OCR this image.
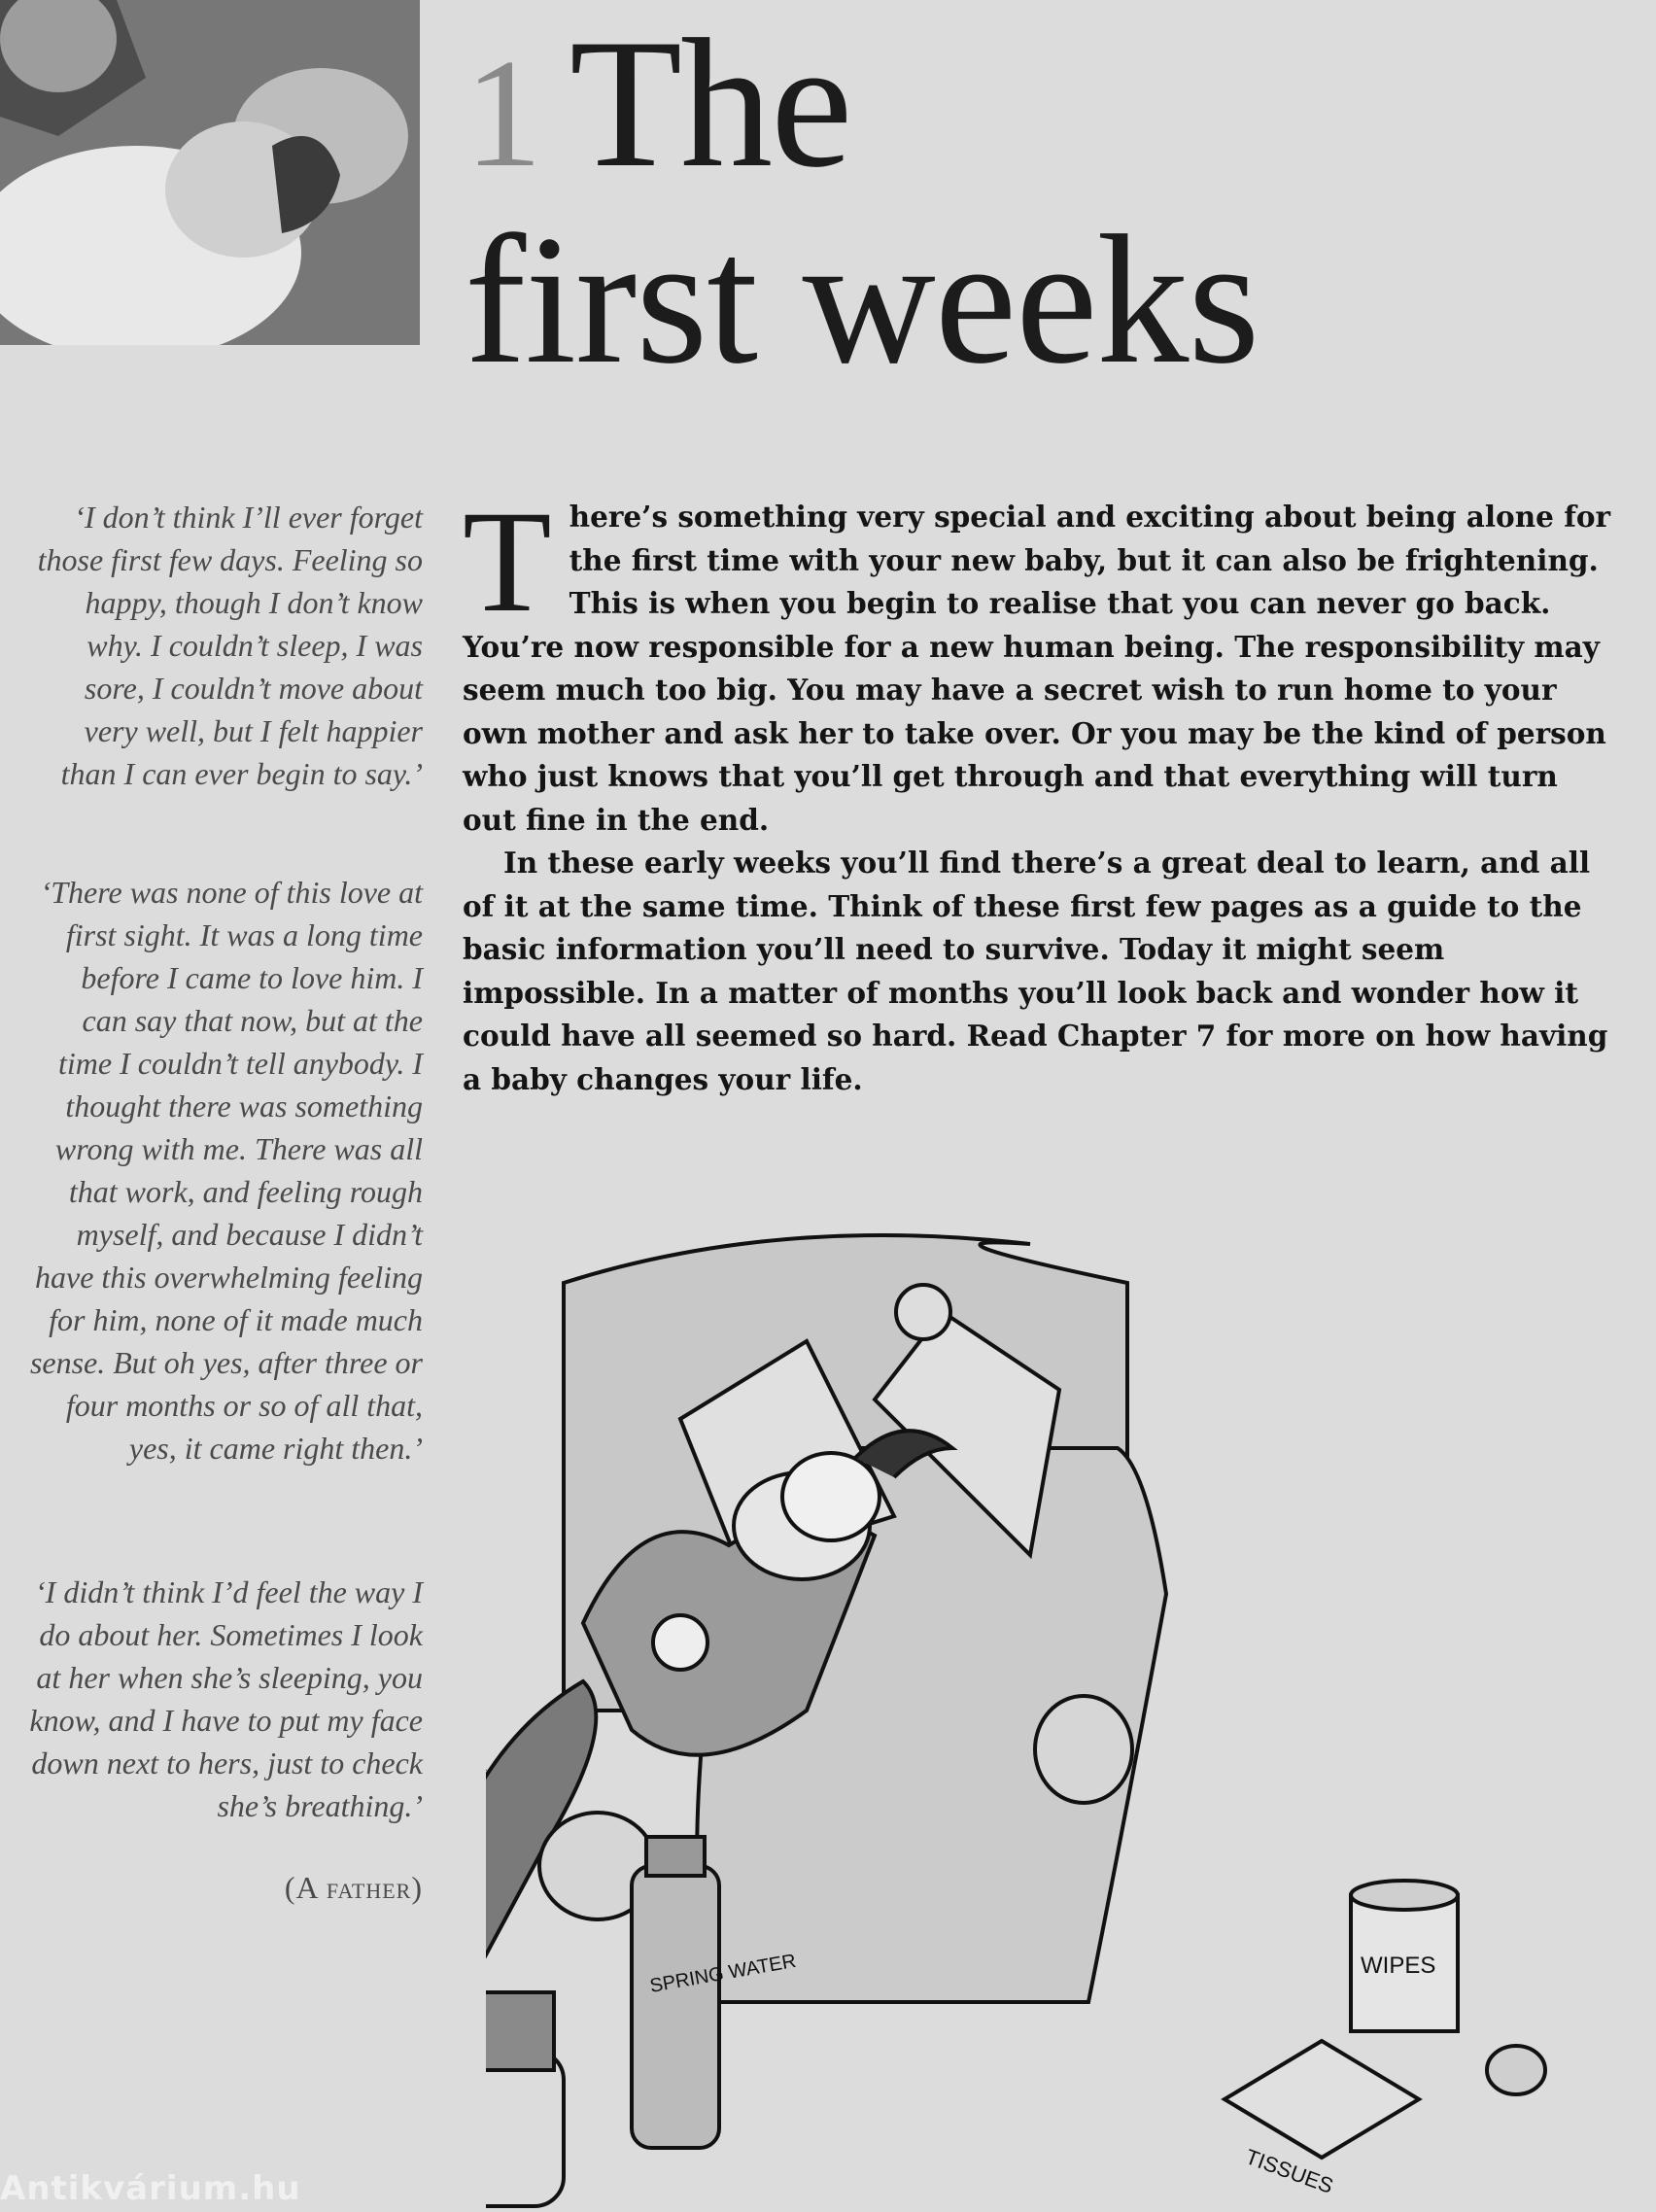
1 The
first weeks

‘I don’t think I’ll ever forget those first few days. Feeling so happy, though I don’t know why. I couldn’t sleep, I was sore, I couldn’t move about very well, but I felt happier than I can ever begin to say.’

‘There was none of this love at first sight. It was a long time before I came to love him. I can say that now, but at the time I couldn’t tell anybody. I thought there was something wrong with me. There was all that work, and feeling rough myself, and because I didn’t have this overwhelming feeling for him, none of it made much sense. But oh yes, after three or four months or so of all that, yes, it came right then.’

‘I didn’t think I’d feel the way I do about her. Sometimes I look at her when she’s sleeping, you know, and I have to put my face down next to hers, just to check she’s breathing.’

(A father)

There’s something very special and exciting about being alone for the first time with your new baby, but it can also be frightening. This is when you begin to realise that you can never go back. You’re now responsible for a new human being. The responsibility may seem much too big. You may have a secret wish to run home to your own mother and ask her to take over. Or you may be the kind of person who just knows that you’ll get through and that everything will turn out fine in the end.

In these early weeks you’ll find there’s a great deal to learn, and all of it at the same time. Think of these first few pages as a guide to the basic information you’ll need to survive. Today it might seem impossible. In a matter of months you’ll look back and wonder how it could have all seemed so hard. Read Chapter 7 for more on how having a baby changes your life.

SPRING WATER	WIPES
TISSUES
Antikvárium.hu
